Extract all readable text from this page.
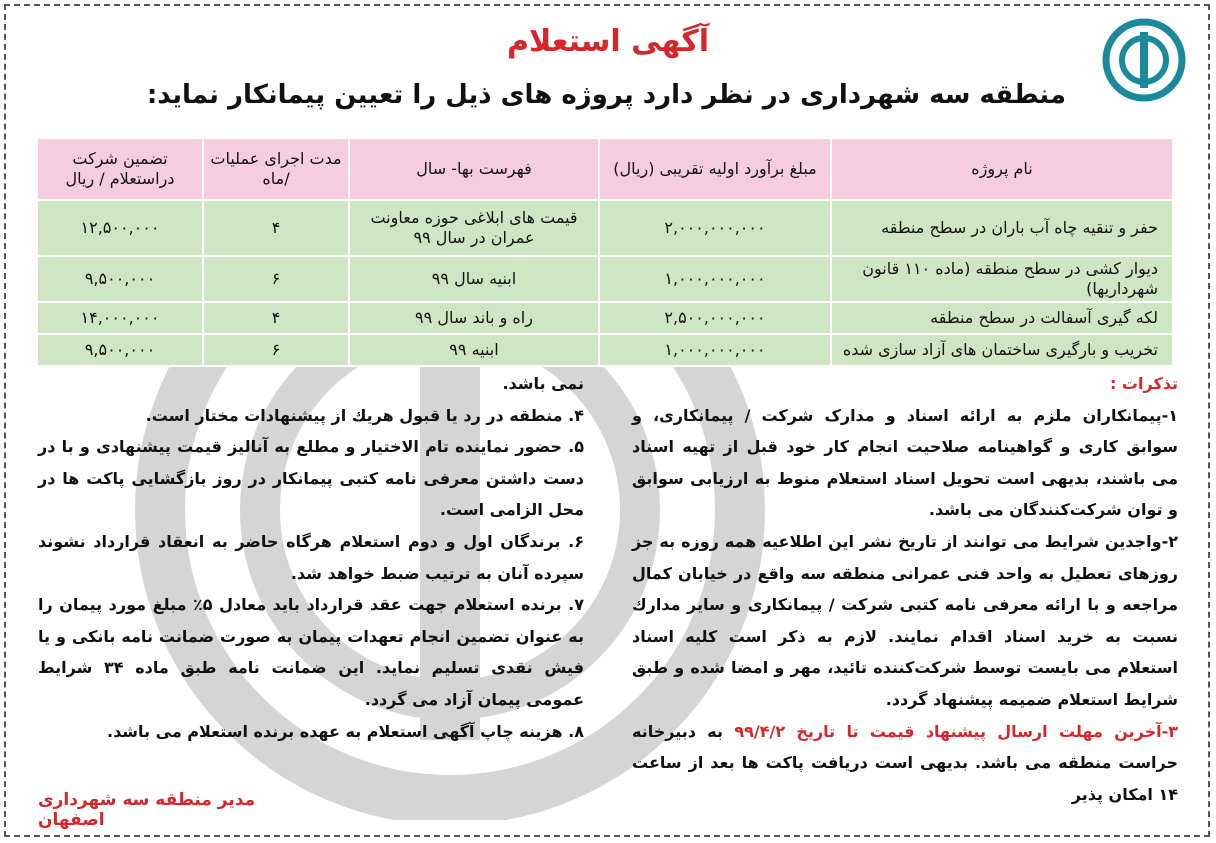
آگهی استعلام
منطقه سه شهرداری در نظر دارد پروژه های ذیل را تعیین پیمانکار نماید:
نام پروژه	مبلغ برآورد اولیه تقریبی (ریال)	فهرست بها- سال	مدت اجرای عملیات /ماه	تضمین شرکت دراستعلام / ریال
حفر و تنقیه چاه آب باران در سطح منطقه	۲,۰۰۰,۰۰۰,۰۰۰	قیمت های ابلاغی حوزه معاونت عمران در سال ۹۹	۴	۱۲,۵۰۰,۰۰۰
دیوار کشی در سطح منطقه (ماده ۱۱۰ قانون شهرداریها)	۱,۰۰۰,۰۰۰,۰۰۰	ابنیه سال ۹۹	۶	۹,۵۰۰,۰۰۰
لکه گیری آسفالت در سطح منطقه	۲,۵۰۰,۰۰۰,۰۰۰	راه و باند سال ۹۹	۴	۱۴,۰۰۰,۰۰۰
تخریب و بارگیری ساختمان های آزاد سازی شده	۱,۰۰۰,۰۰۰,۰۰۰	ابنیه ۹۹	۶	۹,۵۰۰,۰۰۰

تذکرات :

۱-پیمانکاران ملزم به ارائه اسناد و مدارک شرکت / پیمانکاری، و سوابق کاری و گواهینامه صلاحیت انجام کار خود قبل از تهیه اسناد می باشند، بدیهی است تحویل اسناد استعلام منوط به ارزیابی سوابق و توان شرکت‌کنندگان می باشد.

۲-واجدین شرایط می توانند از تاریخ نشر این اطلاعیه همه روزه به جز روزهای تعطیل به واحد فنی عمرانی منطقه سه واقع در خیابان کمال مراجعه و با ارائه معرفی نامه کتبی شرکت / پیمانکاری و سایر مدارك نسبت به خرید اسناد اقدام نمایند. لازم به ذکر است کلیه اسناد استعلام می بایست توسط شرکت‌کننده تائید، مهر و امضا شده و طبق شرایط استعلام ضمیمه پیشنهاد گردد.

۳-آخرین مهلت ارسال پیشنهاد قیمت تا تاریخ ۹۹/۴/۲ به دبیرخانه حراست منطقه می باشد. بدیهی است دریافت پاکت ها بعد از ساعت ۱۴ امکان پذیر

نمی باشد.

۴. منطقه در رد یا قبول هریك از پیشنهادات مختار است.

۵. حضور نماینده تام الاختیار و مطلع به آنالیز قیمت پیشنهادی و با در دست داشتن معرفی نامه کتبی پیمانکار در روز بازگشایی پاکت ها در محل الزامی است.

۶. برندگان اول و دوم استعلام هرگاه حاضر به انعقاد قرارداد نشوند سپرده آنان به ترتیب ضبط خواهد شد.

۷. برنده استعلام جهت عقد قرارداد باید معادل ۵٪ مبلغ مورد پیمان را به عنوان تضمین انجام تعهدات پیمان به صورت ضمانت نامه بانکی و یا فیش نقدی تسلیم نماید. این ضمانت نامه طبق ماده ۳۴ شرایط عمومی پیمان آزاد می گردد.

۸. هزینه چاپ آگهی استعلام به عهده برنده استعلام می باشد.

مدیر منطقه سه شهرداری اصفهان
